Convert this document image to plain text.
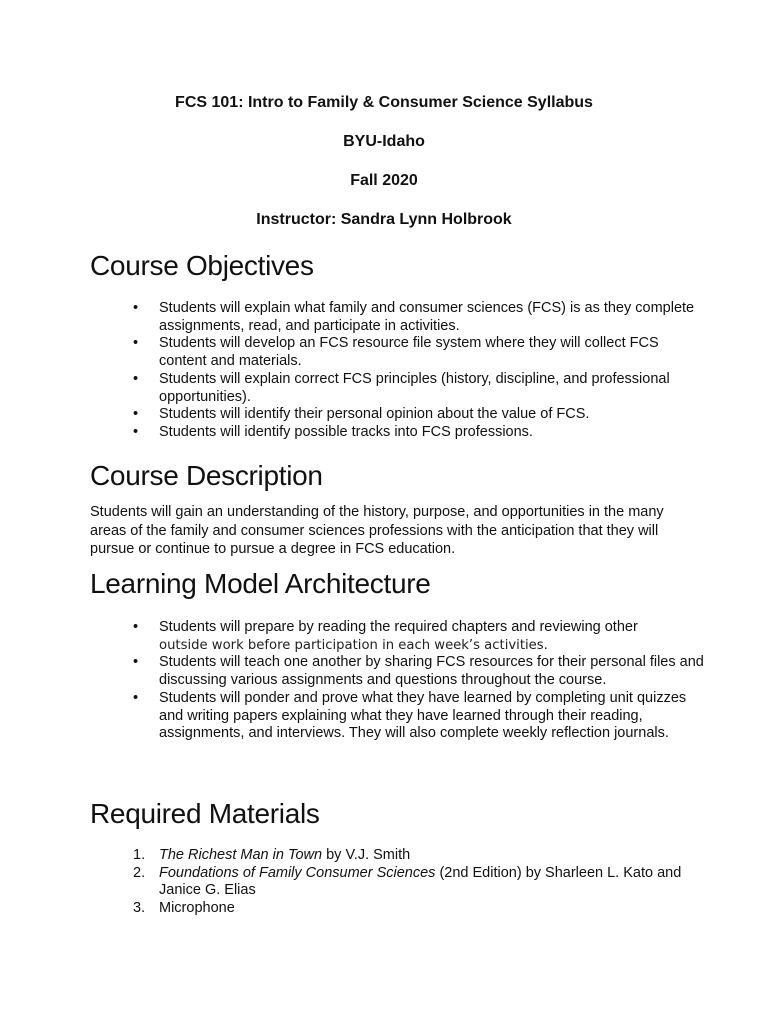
FCS 101: Intro to Family & Consumer Science Syllabus
BYU-Idaho
Fall 2020
Instructor: Sandra Lynn Holbrook
Course Objectives
• Students will explain what family and consumer sciences (FCS) is as they complete assignments, read, and participate in activities.
• Students will develop an FCS resource file system where they will collect FCS content and materials.
• Students will explain correct FCS principles (history, discipline, and professional opportunities).
• Students will identify their personal opinion about the value of FCS.
• Students will identify possible tracks into FCS professions.
Course Description

Students will gain an understanding of the history, purpose, and opportunities in the many areas of the family and consumer sciences professions with the anticipation that they will pursue or continue to pursue a degree in FCS education.

Learning Model Architecture
• Students will prepare by reading the required chapters and reviewing other
outside work before participation in each week’s activities.
• Students will teach one another by sharing FCS resources for their personal files and discussing various assignments and questions throughout the course.
• Students will ponder and prove what they have learned by completing unit quizzes and writing papers explaining what they have learned through their reading, assignments, and interviews. They will also complete weekly reflection journals.
Required Materials
1. The Richest Man in Town by V.J. Smith
2. Foundations of Family Consumer Sciences (2nd Edition) by Sharleen L. Kato and Janice G. Elias
3. Microphone
